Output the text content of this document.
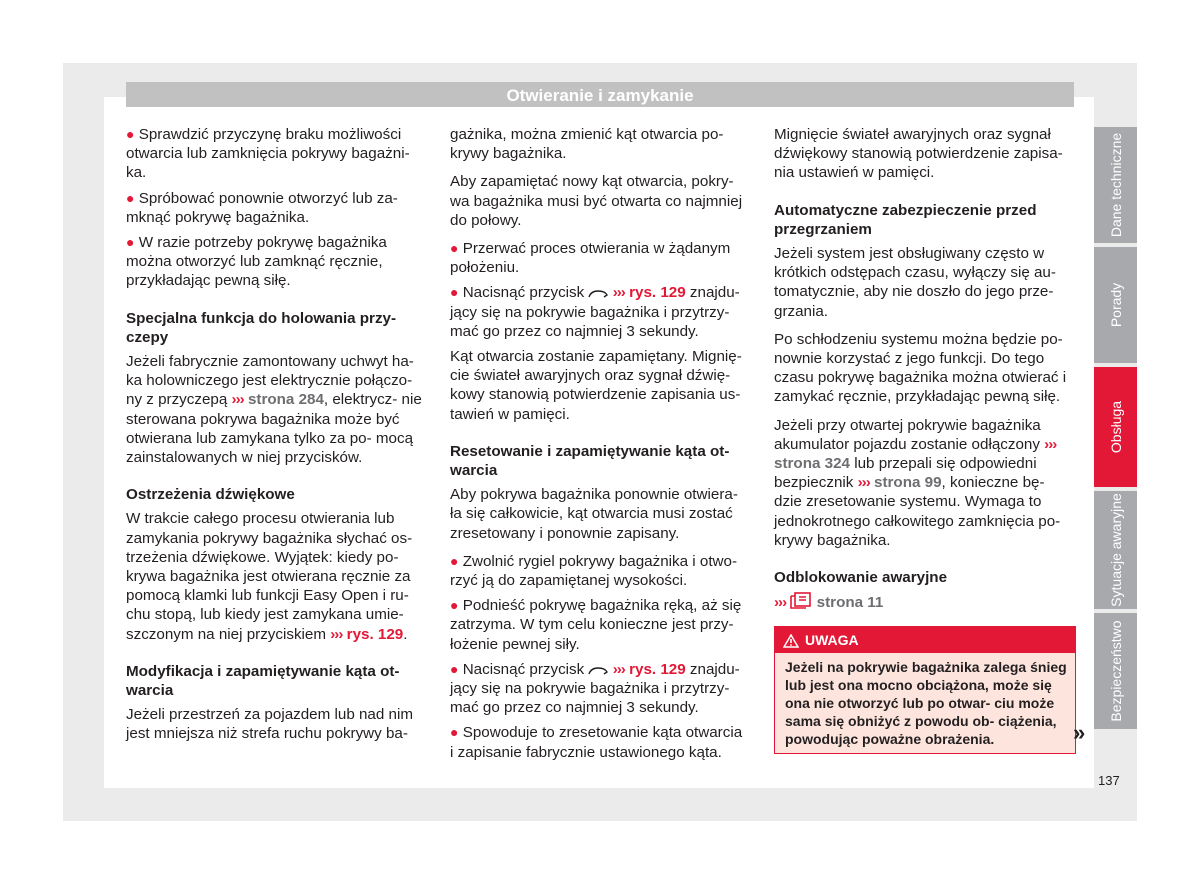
Otwieranie i zamykanie

● Sprawdzić przyczynę braku możliwości otwarcia lub zamknięcia pokrywy bagażni- ka.

● Spróbować ponownie otworzyć lub za- mknąć pokrywę bagażnika.

● W razie potrzeby pokrywę bagażnika można otworzyć lub zamknąć ręcznie, przykładając pewną siłę.

Specjalna funkcja do holowania przy- czepy

Jeżeli fabrycznie zamontowany uchwyt ha- ka holowniczego jest elektrycznie połączo- ny z przyczepą ››› strona 284, elektrycz- nie sterowana pokrywa bagażnika może być otwierana lub zamykana tylko za po- mocą zainstalowanych w niej przycisków.

Ostrzeżenia dźwiękowe

W trakcie całego procesu otwierania lub zamykania pokrywy bagażnika słychać os- trzeżenia dźwiękowe. Wyjątek: kiedy po- krywa bagażnika jest otwierana ręcznie za pomocą klamki lub funkcji Easy Open i ru- chu stopą, lub kiedy jest zamykana umie- szczonym na niej przyciskiem ››› rys. 129.

Modyfikacja i zapamiętywanie kąta ot- warcia

Jeżeli przestrzeń za pojazdem lub nad nim jest mniejsza niż strefa ruchu pokrywy ba-

gażnika, można zmienić kąt otwarcia po- krywy bagażnika.

Aby zapamiętać nowy kąt otwarcia, pokry- wa bagażnika musi być otwarta co najmniej do połowy.

● Przerwać proces otwierania w żądanym położeniu.

● Nacisnąć przycisk  ››› rys. 129 znajdu- jący się na pokrywie bagażnika i przytrzy- mać go przez co najmniej 3 sekundy.

Kąt otwarcia zostanie zapamiętany. Mignię- cie świateł awaryjnych oraz sygnał dźwię- kowy stanowią potwierdzenie zapisania us- tawień w pamięci.

Resetowanie i zapamiętywanie kąta ot- warcia

Aby pokrywa bagażnika ponownie otwiera- ła się całkowicie, kąt otwarcia musi zostać zresetowany i ponownie zapisany.

● Zwolnić rygiel pokrywy bagażnika i otwo- rzyć ją do zapamiętanej wysokości.

● Podnieść pokrywę bagażnika ręką, aż się zatrzyma. W tym celu konieczne jest przy- łożenie pewnej siły.

● Nacisnąć przycisk  ››› rys. 129 znajdu- jący się na pokrywie bagażnika i przytrzy- mać go przez co najmniej 3 sekundy.

● Spowoduje to zresetowanie kąta otwarcia i zapisanie fabrycznie ustawionego kąta.

Mignięcie świateł awaryjnych oraz sygnał dźwiękowy stanowią potwierdzenie zapisa- nia ustawień w pamięci.

Automatyczne zabezpieczenie przed przegrzaniem

Jeżeli system jest obsługiwany często w krótkich odstępach czasu, wyłączy się au- tomatycznie, aby nie doszło do jego prze- grzania.

Po schłodzeniu systemu można będzie po- nownie korzystać z jego funkcji. Do tego czasu pokrywę bagażnika można otwierać i zamykać ręcznie, przykładając pewną siłę.

Jeżeli przy otwartej pokrywie bagażnika akumulator pojazdu zostanie odłączony ››› strona 324 lub przepali się odpowiedni bezpiecznik ››› strona 99, konieczne bę- dzie zresetowanie systemu. Wymaga to jednokrotnego całkowitego zamknięcia po- krywy bagażnika.

Odblokowanie awaryjne

››› strona 11

UWAGA
Jeżeli na pokrywie bagażnika zalega śnieg lub jest ona mocno obciążona, może się ona nie otworzyć lub po otwar- ciu może sama się obniżyć z powodu ob- ciążenia, powodując poważne obrażenia.	»
Dane techniczne
Porady
Obsługa
Sytuacje awaryjne
Bezpieczeństwo
137
